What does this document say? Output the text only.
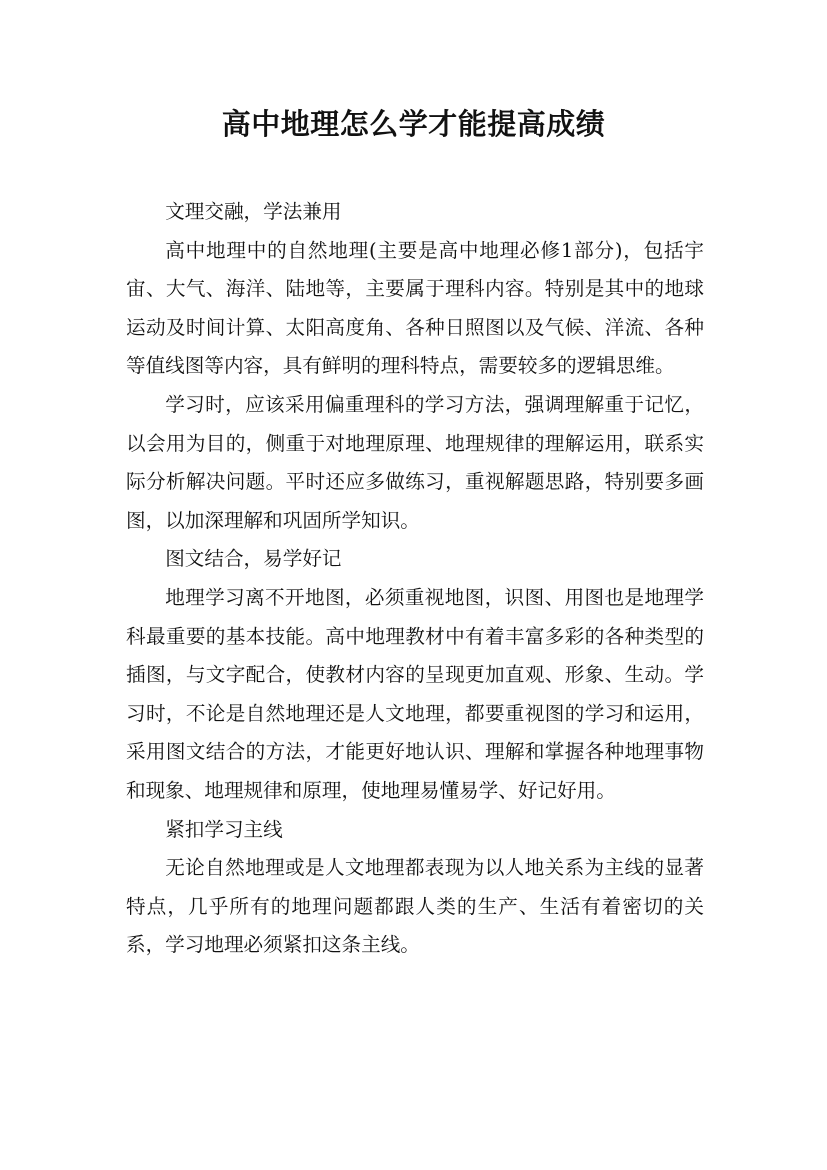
高中地理怎么学才能提高成绩

文理交融，学法兼用

高中地理中的自然地理(主要是高中地理必修1部分)，包括宇宙、大气、海洋、陆地等，主要属于理科内容。特别是其中的地球运动及时间计算、太阳高度角、各种日照图以及气候、洋流、各种等值线图等内容，具有鲜明的理科特点，需要较多的逻辑思维。

学习时，应该采用偏重理科的学习方法，强调理解重于记忆，以会用为目的，侧重于对地理原理、地理规律的理解运用，联系实际分析解决问题。平时还应多做练习，重视解题思路，特别要多画图，以加深理解和巩固所学知识。

图文结合，易学好记

地理学习离不开地图，必须重视地图，识图、用图也是地理学科最重要的基本技能。高中地理教材中有着丰富多彩的各种类型的插图，与文字配合，使教材内容的呈现更加直观、形象、生动。学习时，不论是自然地理还是人文地理，都要重视图的学习和运用，采用图文结合的方法，才能更好地认识、理解和掌握各种地理事物和现象、地理规律和原理，使地理易懂易学、好记好用。

紧扣学习主线

无论自然地理或是人文地理都表现为以人地关系为主线的显著特点，几乎所有的地理问题都跟人类的生产、生活有着密切的关系，学习地理必须紧扣这条主线。
